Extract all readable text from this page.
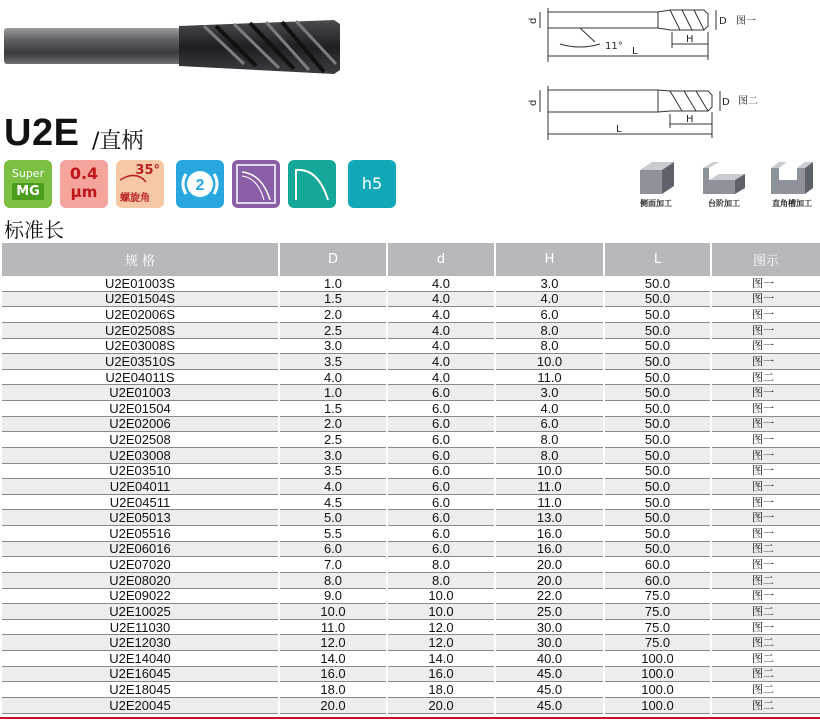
d	D
H
L
11°
图一
d	D
H
L
图二
U2E /直柄
Super
MG
0.4
μm
35°
螺旋角
2	h5
侧面加工	台阶加工	直角槽加工
标准长
规 格	D	d	H	L	图示
U2E01003S	1.0	4.0	3.0	50.0	图一
U2E01504S	1.5	4.0	4.0	50.0	图一
U2E02006S	2.0	4.0	6.0	50.0	图一
U2E02508S	2.5	4.0	8.0	50.0	图一
U2E03008S	3.0	4.0	8.0	50.0	图一
U2E03510S	3.5	4.0	10.0	50.0	图一
U2E04011S	4.0	4.0	11.0	50.0	图二
U2E01003	1.0	6.0	3.0	50.0	图一
U2E01504	1.5	6.0	4.0	50.0	图一
U2E02006	2.0	6.0	6.0	50.0	图一
U2E02508	2.5	6.0	8.0	50.0	图一
U2E03008	3.0	6.0	8.0	50.0	图一
U2E03510	3.5	6.0	10.0	50.0	图一
U2E04011	4.0	6.0	11.0	50.0	图一
U2E04511	4.5	6.0	11.0	50.0	图一
U2E05013	5.0	6.0	13.0	50.0	图一
U2E05516	5.5	6.0	16.0	50.0	图一
U2E06016	6.0	6.0	16.0	50.0	图二
U2E07020	7.0	8.0	20.0	60.0	图一
U2E08020	8.0	8.0	20.0	60.0	图二
U2E09022	9.0	10.0	22.0	75.0	图一
U2E10025	10.0	10.0	25.0	75.0	图二
U2E11030	11.0	12.0	30.0	75.0	图一
U2E12030	12.0	12.0	30.0	75.0	图二
U2E14040	14.0	14.0	40.0	100.0	图二
U2E16045	16.0	16.0	45.0	100.0	图二
U2E18045	18.0	18.0	45.0	100.0	图二
U2E20045	20.0	20.0	45.0	100.0	图二
